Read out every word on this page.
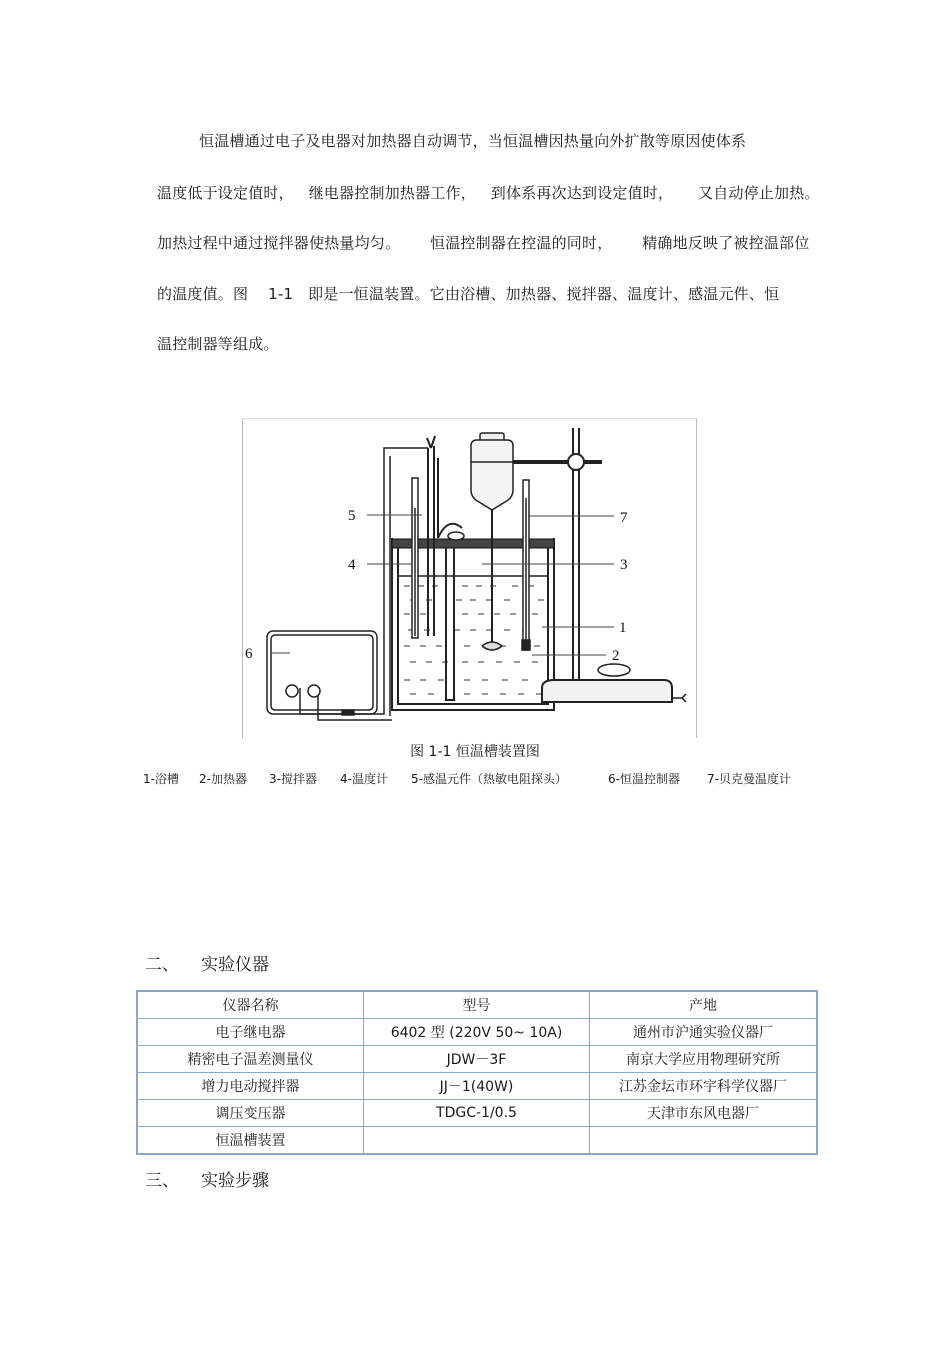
恒温槽通过电子及电器对加热器自动调节，当恒温槽因热量向外扩散等原因使体系
温度低于设定值时，   继电器控制加热器工作，   到体系再次达到设定值时，     又自动停止加热。
加热过程中通过搅拌器使热量均匀。      恒温控制器在控温的同时，      精确地反映了被控温部位
的温度值。图    1-1   即是一恒温装置。它由浴槽、加热器、搅拌器、温度计、感温元件、恒
温控制器等组成。
5
4
6
7
3
1
2
图 1-1 恒温槽装置图
1-浴槽 2-加热器 3-搅拌器 4-温度计 5-感温元件（热敏电阻探头）	6-恒温控制器 7-贝克曼温度计
二、 实验仪器
仪器名称	型号	产地
电子继电器	6402 型 (220V 50~ 10A)	通州市沪通实验仪器厂
精密电子温差测量仪	JDW－3F	南京大学应用物理研究所
增力电动搅拌器	JJ－1(40W)	江苏金坛市环宇科学仪器厂
调压变压器	TDGC-1/0.5	天津市东风电器厂
恒温槽装置		
三、 实验步骤
